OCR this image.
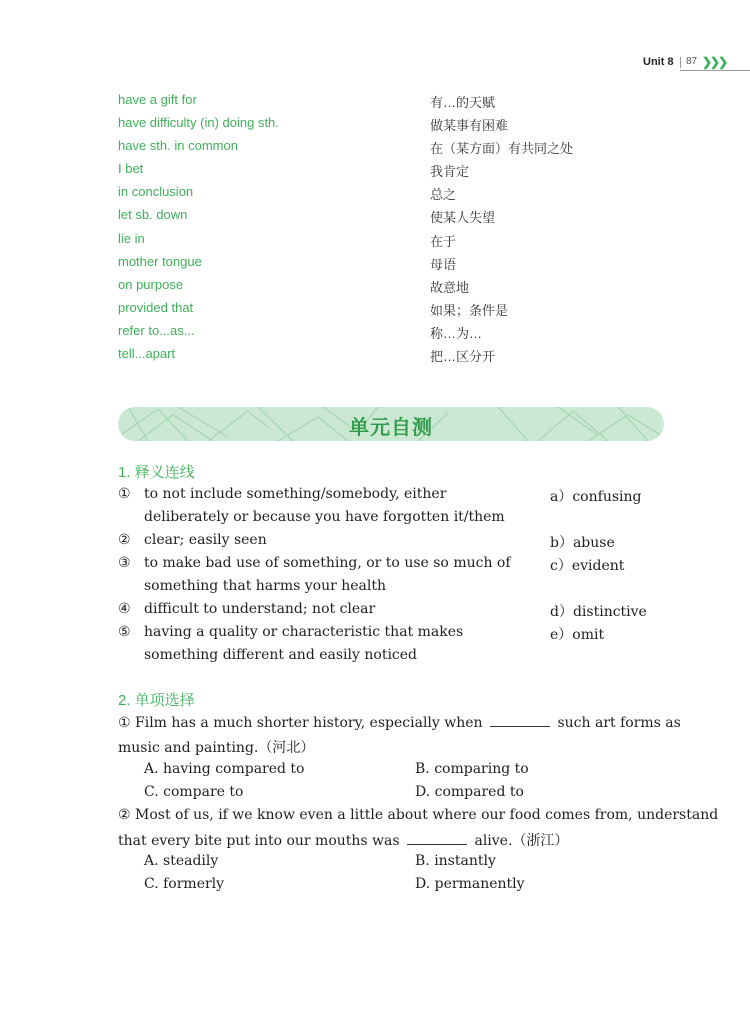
Unit 8 87 ❯❯❯
have a gift for	有…的天赋
have difficulty (in) doing sth.	做某事有困难
have sth. in common	在（某方面）有共同之处
I bet	我肯定
in conclusion	总之
let sb. down	使某人失望
lie in	在于
mother tongue	母语
on purpose	故意地
provided that	如果；条件是
refer to...as...	称…为…
tell...apart	把…区分开
单元自测
1. 释义连线
① to not include something/somebody, either	a）confusing
deliberately or because you have forgotten it/them
② clear; easily seen	b）abuse
③ to make bad use of something, or to use so much of	c）evident
something that harms your health
④ difficult to understand; not clear	d）distinctive
⑤ having a quality or characteristic that makes	e）omit
something different and easily noticed
2. 单项选择
① Film has a much shorter history, especially when	such art forms as
music and painting.（河北）
A. having compared to	B. comparing to
C. compare to	D. compared to
② Most of us, if we know even a little about where our food comes from, understand
that every bite put into our mouths was	alive.（浙江）
A. steadily	B. instantly
C. formerly	D. permanently
